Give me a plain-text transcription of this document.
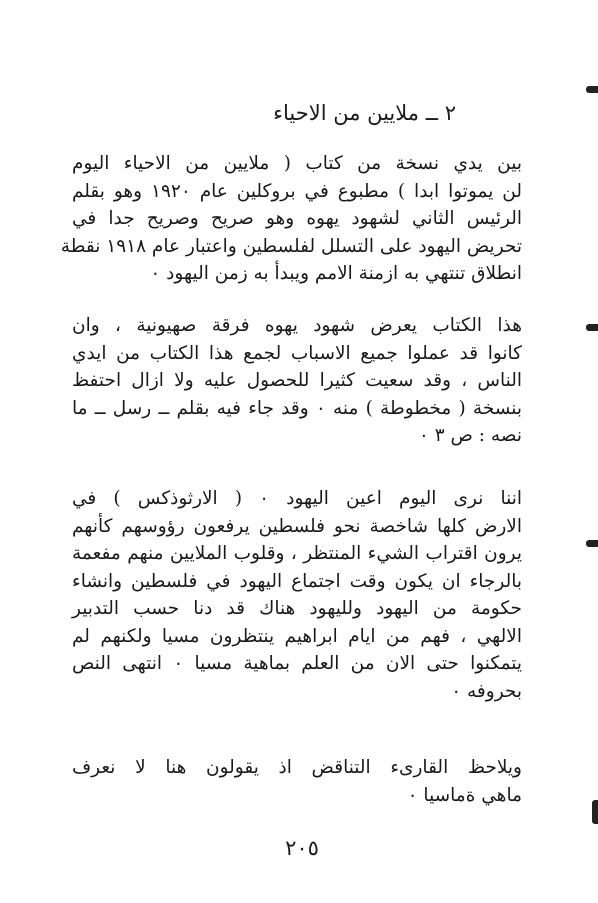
٢ ــ ملايين من الاحياء
بين يدي نسخة من كتاب ( ملايين من الاحياء اليوم
لن يموتوا ابدا ) مطبوع في بروكلين عام ١٩٢٠ وهو بقلم
الرئيس الثاني لشهود يهوه وهو صريح وصريح جدا في
تحريض اليهود على التسلل لفلسطين واعتبار عام ١٩١٨ نقطة
انطلاق تنتهي به ازمنة الامم ويبدأ به زمن اليهود ٠
هذا الكتاب يعرض شهود يهوه فرقة صهيونية ، وان
كانوا قد عملوا جميع الاسباب لجمع هذا الكتاب من ايدي
الناس ، وقد سعيت كثيرا للحصول عليه ولا ازال احتفظ
بنسخة ( مخطوطة ) منه ٠ وقد جاء فيه بقلم ــ رسل ــ ما
نصه : ص ٣ ٠
اننا نرى اليوم اعين اليهود ٠ ( الارثوذكس ) في
الارض كلها شاخصة نحو فلسطين يرفعون رؤوسهم كأنهم
يرون اقتراب الشيء المنتظر ، وقلوب الملايين منهم مفعمة
بالرجاء ان يكون وقت اجتماع اليهود في فلسطين وانشاء
حكومة من اليهود ولليهود هناك قد دنا حسب التدبير
الالهي ، فهم من ايام ابراهيم ينتظرون مسيا ولكنهم لم
يتمكنوا حتى الان من العلم بماهية مسيا ٠ انتهى النص
بحروفه ٠
ويلاحظ القارىء التناقض اذ يقولون هنا لا نعرف
ماهي ةماسيا ٠
٢٠٥
